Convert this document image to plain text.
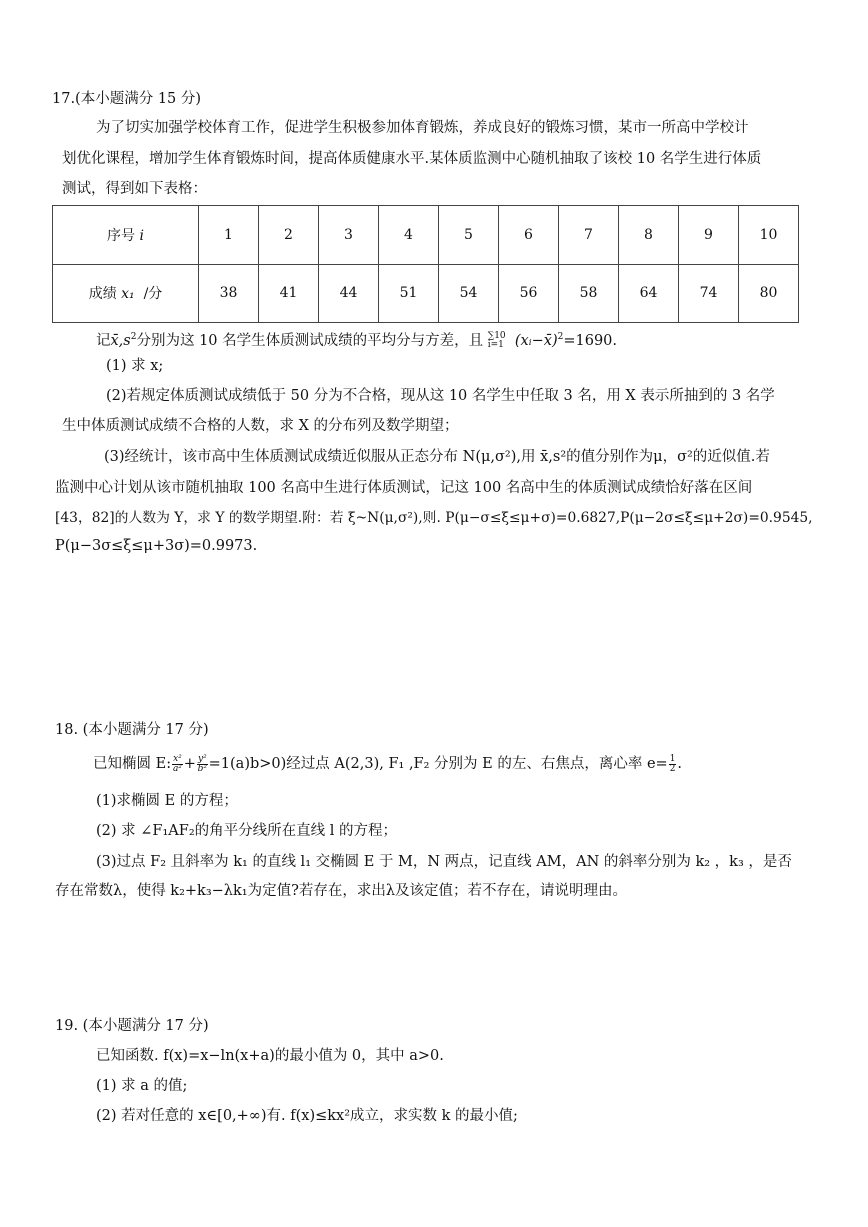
17.(本小题满分 15 分)
为了切实加强学校体育工作，促进学生积极参加体育锻炼，养成良好的锻炼习惯，某市一所高中学校计
划优化课程，增加学生体育锻炼时间，提高体质健康水平.某体质监测中心随机抽取了该校 10 名学生进行体质
测试，得到如下表格：
序号 i	1	2	3	4	5	6	7	8	9	10
成绩 x₁ /分	38	41	44	51	54	56	58	64	74	80
记$x̄,s^2$分别为这 10 名学生体质测试成绩的平均分与方差，且 ∑10
i=1 (xᵢ−x̄)$^2$=1690.
(1) 求 x;
(2)若规定体质测试成绩低于 50 分为不合格，现从这 10 名学生中任取 3 名，用 X 表示所抽到的 3 名学
生中体质测试成绩不合格的人数，求 X 的分布列及数学期望；
(3)经统计，该市高中生体质测试成绩近似服从正态分布 N(μ,σ²),用 x̄,s²的值分别作为μ，σ²的近似值.若
监测中心计划从该市随机抽取 100 名高中生进行体质测试，记这 100 名高中生的体质测试成绩恰好落在区间
[43，82]的人数为 Y，求 Y 的数学期望.附：若 ξ~N(μ,σ²),则. P(μ−σ≤ξ≤μ+σ)=0.6827,P(μ−2σ≤ξ≤μ+2σ)=0.9545,
P(μ−3σ≤ξ≤μ+3σ)=0.9973.
18. (本小题满分 17 分)
已知椭圆 E: $\frac{\text{x²}}{\text{a²}} + \frac{\text{y²}}{\text{b²}} =1(a)b>0$)经过点 A(2,3), F₁ ,F₂ 分别为 E 的左、右焦点，离心率 $e= \frac{1}{2}$ .
(1)求椭圆 E 的方程；
(2) 求 ∠F₁AF₂的角平分线所在直线 l 的方程；
(3)过点 F₂ 且斜率为 k₁ 的直线 l₁ 交椭圆 E 于 M，N 两点，记直线 AM，AN 的斜率分别为 k₂ ，k₃ ，是否
存在常数λ，使得 k₂+k₃−λk₁为定值?若存在，求出λ及该定值；若不存在，请说明理由。
19. (本小题满分 17 分)
已知函数. f(x)=x−ln(x+a)的最小值为 0，其中 a>0.
(1) 求 a 的值;
(2) 若对任意的 x∈[0,+∞)有. f(x)≤kx²成立，求实数 k 的最小值;
